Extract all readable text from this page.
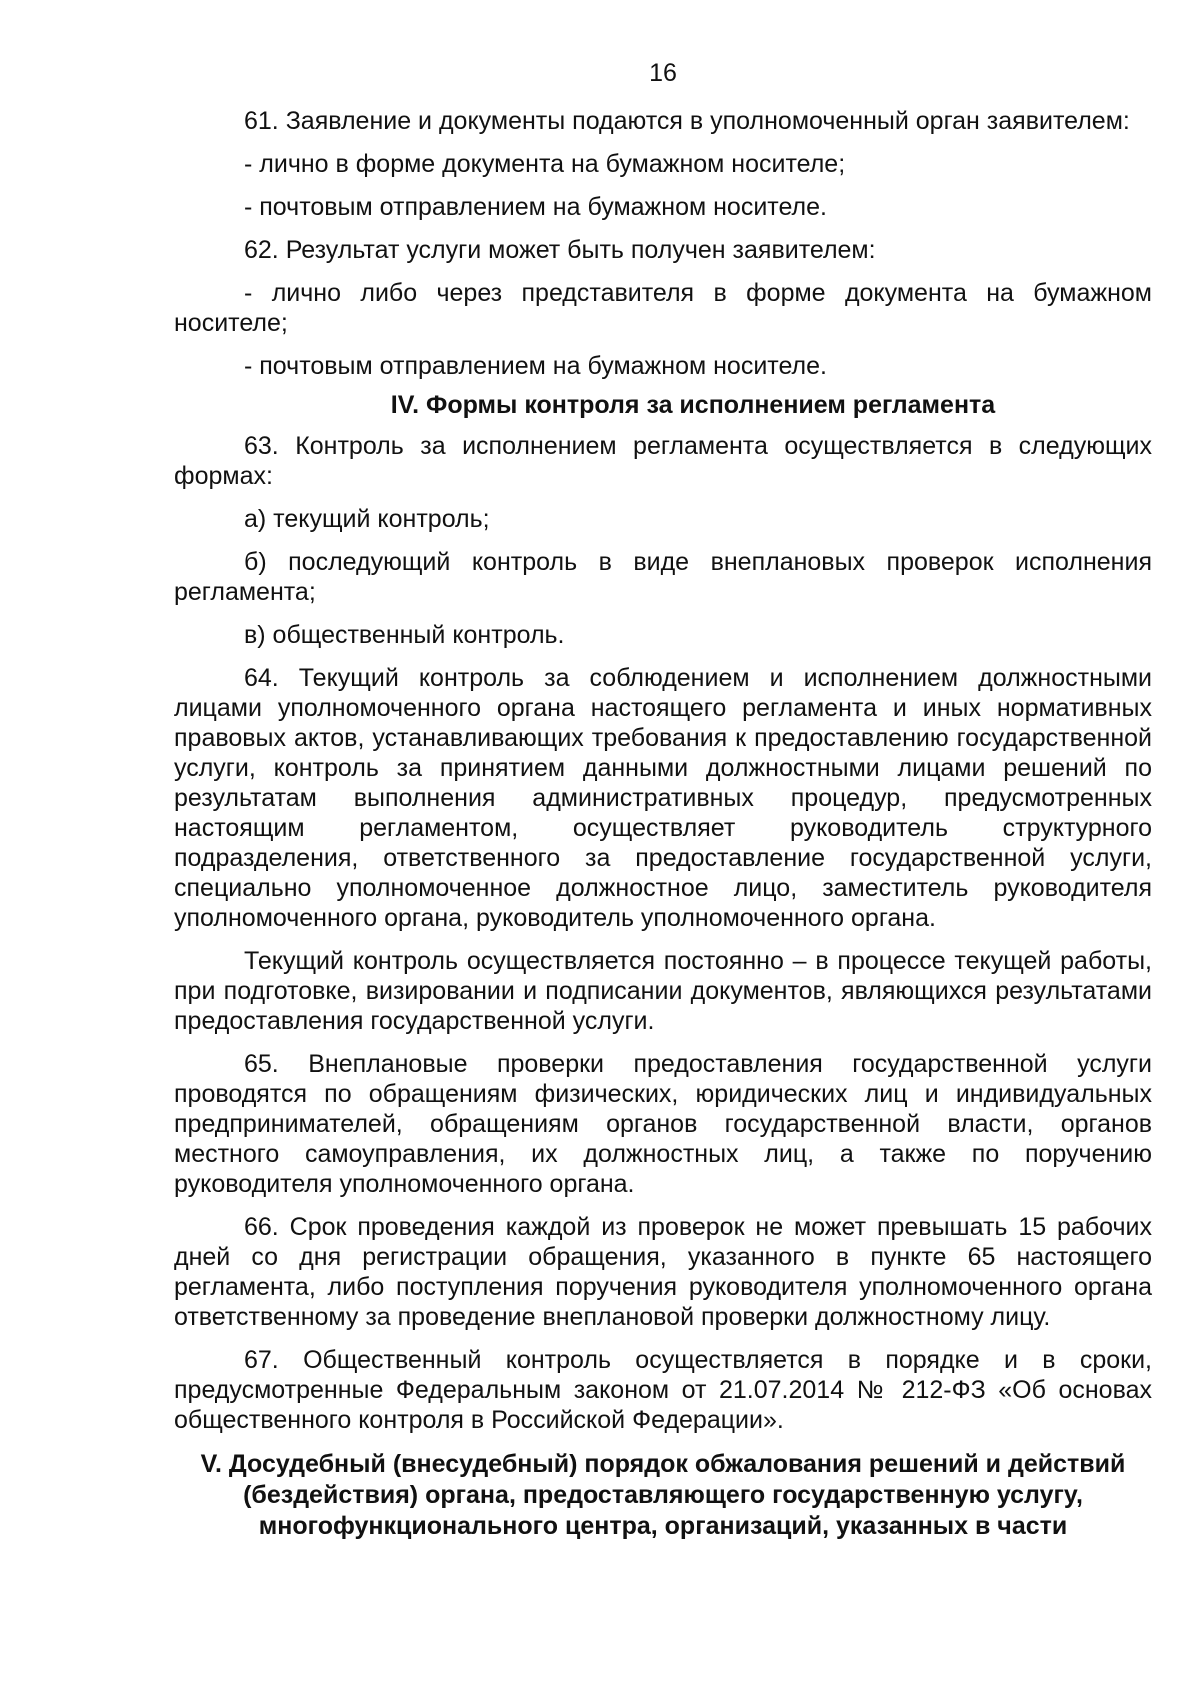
16
61. Заявление и документы подаются в уполномоченный орган заявителем:
- лично в форме документа на бумажном носителе;
- почтовым отправлением на бумажном носителе.
62. Результат услуги может быть получен заявителем:
- лично либо через представителя в форме документа на бумажном носителе;
- почтовым отправлением на бумажном носителе.
IV. Формы контроля за исполнением регламента
63. Контроль за исполнением регламента осуществляется в следующих формах:
а) текущий контроль;
б) последующий контроль в виде внеплановых проверок исполнения регламента;
в) общественный контроль.
64. Текущий контроль за соблюдением и исполнением должностными лицами уполномоченного органа настоящего регламента и иных нормативных правовых актов, устанавливающих требования к предоставлению государственной услуги, контроль за принятием данными должностными лицами решений по результатам выполнения административных процедур, предусмотренных настоящим регламентом, осуществляет руководитель структурного подразделения, ответственного за предоставление государственной услуги, специально уполномоченное должностное лицо, заместитель руководителя уполномоченного органа, руководитель уполномоченного органа.
Текущий контроль осуществляется постоянно – в процессе текущей работы, при подготовке, визировании и подписании документов, являющихся результатами предоставления государственной услуги.
65. Внеплановые проверки предоставления государственной услуги проводятся по обращениям физических, юридических лиц и индивидуальных предпринимателей, обращениям органов государственной власти, органов местного самоуправления, их должностных лиц, а также по поручению руководителя уполномоченного органа.
66. Срок проведения каждой из проверок не может превышать 15 рабочих дней со дня регистрации обращения, указанного в пункте 65 настоящего регламента, либо поступления поручения руководителя уполномоченного органа ответственному за проведение внеплановой проверки должностному лицу.
67. Общественный контроль осуществляется в порядке и в сроки, предусмотренные Федеральным законом от 21.07.2014 № 212-ФЗ «Об основах общественного контроля в Российской Федерации».
V. Досудебный (внесудебный) порядок обжалования решений и действий (бездействия) органа, предоставляющего государственную услугу, многофункционального центра, организаций, указанных в части
